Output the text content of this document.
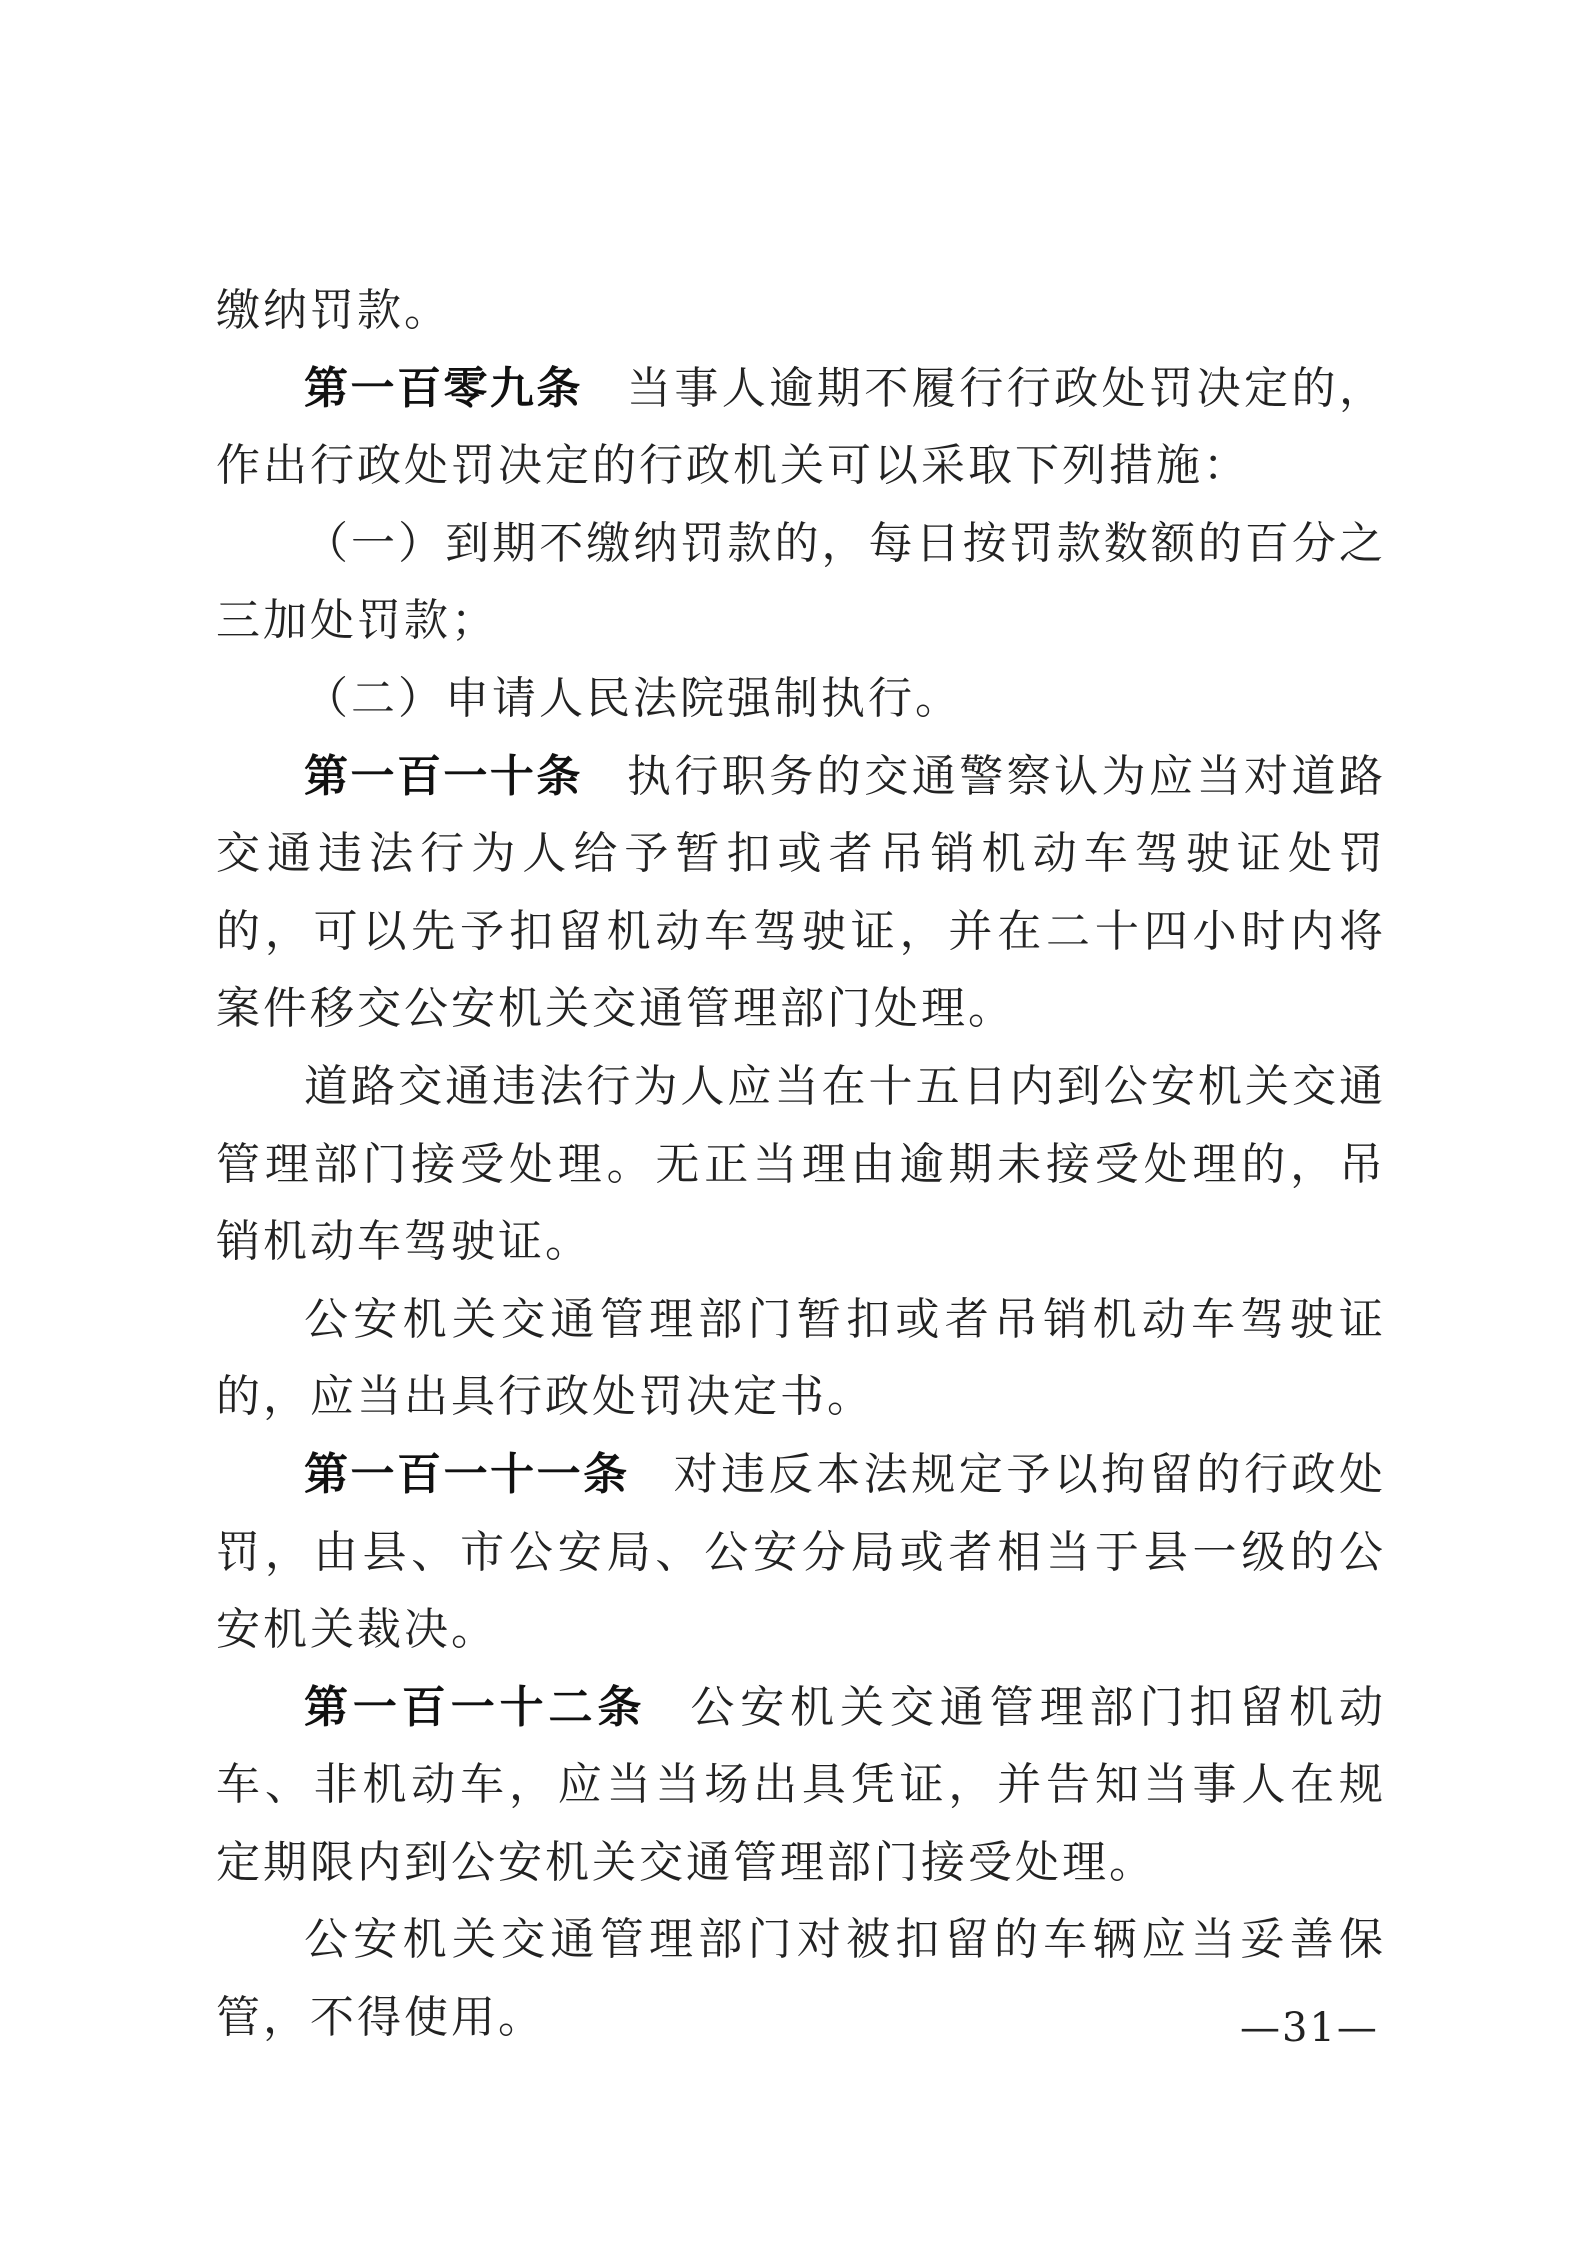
缴纳罚款。

第一百零九条 当事人逾期不履行行政处罚决定的，作出行政处罚决定的行政机关可以采取下列措施：

（一）到期不缴纳罚款的，每日按罚款数额的百分之三加处罚款；

（二）申请人民法院强制执行。

第一百一十条 执行职务的交通警察认为应当对道路交通违法行为人给予暂扣或者吊销机动车驾驶证处罚的，可以先予扣留机动车驾驶证，并在二十四小时内将案件移交公安机关交通管理部门处理。

道路交通违法行为人应当在十五日内到公安机关交通管理部门接受处理。无正当理由逾期未接受处理的，吊销机动车驾驶证。

公安机关交通管理部门暂扣或者吊销机动车驾驶证的，应当出具行政处罚决定书。

第一百一十一条 对违反本法规定予以拘留的行政处罚，由县、市公安局、公安分局或者相当于县一级的公安机关裁决。

第一百一十二条 公安机关交通管理部门扣留机动车、非机动车，应当当场出具凭证，并告知当事人在规定期限内到公安机关交通管理部门接受处理。

公安机关交通管理部门对被扣留的车辆应当妥善保管，不得使用。	—31—
